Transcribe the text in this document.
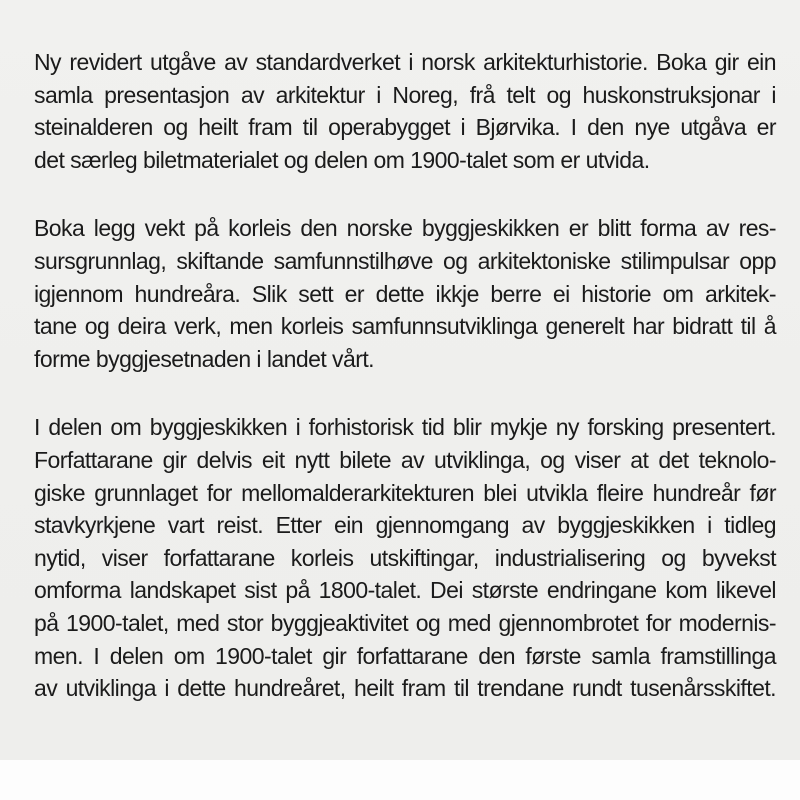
Ny revidert utgåve av standardverket i norsk arkitekturhistorie. Boka gir ein
samla presentasjon av arkitektur i Noreg, frå telt og huskonstruksjonar i
steinalderen og heilt fram til operabygget i Bjørvika. I den nye utgåva er
det særleg biletmaterialet og delen om 1900-talet som er utvida.

Boka legg vekt på korleis den norske byggjeskikken er blitt forma av res-
sursgrunnlag, skiftande samfunnstilhøve og arkitektoniske stilimpulsar opp
igjennom hundreåra. Slik sett er dette ikkje berre ei historie om arkitek-
tane og deira verk, men korleis samfunnsutviklinga generelt har bidratt til å
forme byggjesetnaden i landet vårt.

I delen om byggjeskikken i forhistorisk tid blir mykje ny forsking presentert.
Forfattarane gir delvis eit nytt bilete av utviklinga, og viser at det teknolo-
giske grunnlaget for mellomalderarkitekturen blei utvikla fleire hundreår før
stavkyrkjene vart reist. Etter ein gjennomgang av byggjeskikken i tidleg
nytid, viser forfattarane korleis utskiftingar, industrialisering og byvekst
omforma landskapet sist på 1800-talet. Dei største endringane kom likevel
på 1900-talet, med stor byggjeaktivitet og med gjennombrotet for modernis-
men. I delen om 1900-talet gir forfattarane den første samla framstillinga
av utviklinga i dette hundreåret, heilt fram til trendane rundt tusenårsskiftet.
